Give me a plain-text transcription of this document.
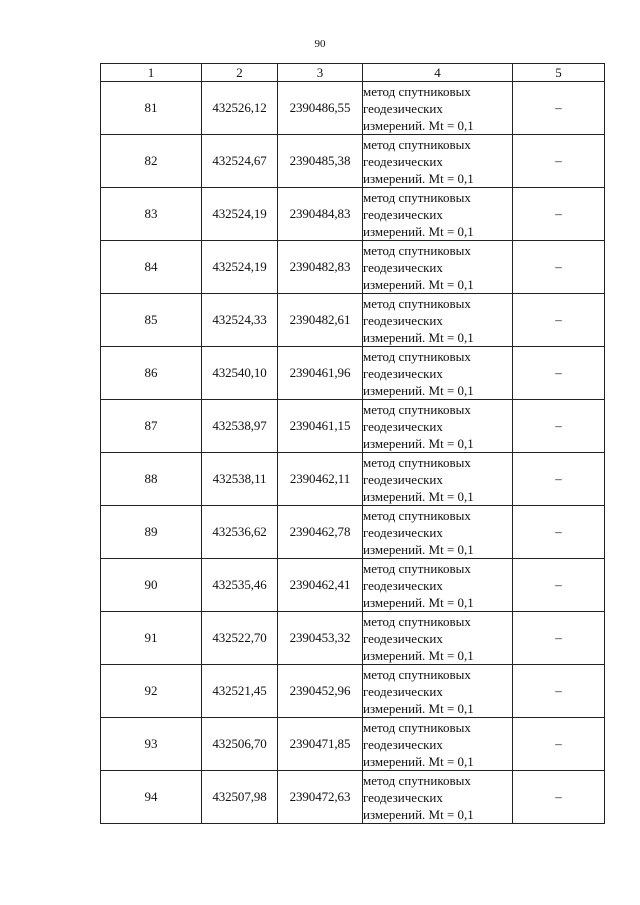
90
1	2	3	4	5
81	432526,12	2390486,55	метод спутниковых
геодезических
измерений. Mt = 0,1	–
82	432524,67	2390485,38	метод спутниковых
геодезических
измерений. Mt = 0,1	–
83	432524,19	2390484,83	метод спутниковых
геодезических
измерений. Mt = 0,1	–
84	432524,19	2390482,83	метод спутниковых
геодезических
измерений. Mt = 0,1	–
85	432524,33	2390482,61	метод спутниковых
геодезических
измерений. Mt = 0,1	–
86	432540,10	2390461,96	метод спутниковых
геодезических
измерений. Mt = 0,1	–
87	432538,97	2390461,15	метод спутниковых
геодезических
измерений. Mt = 0,1	–
88	432538,11	2390462,11	метод спутниковых
геодезических
измерений. Mt = 0,1	–
89	432536,62	2390462,78	метод спутниковых
геодезических
измерений. Mt = 0,1	–
90	432535,46	2390462,41	метод спутниковых
геодезических
измерений. Mt = 0,1	–
91	432522,70	2390453,32	метод спутниковых
геодезических
измерений. Mt = 0,1	–
92	432521,45	2390452,96	метод спутниковых
геодезических
измерений. Mt = 0,1	–
93	432506,70	2390471,85	метод спутниковых
геодезических
измерений. Mt = 0,1	–
94	432507,98	2390472,63	метод спутниковых
геодезических
измерений. Mt = 0,1	–
